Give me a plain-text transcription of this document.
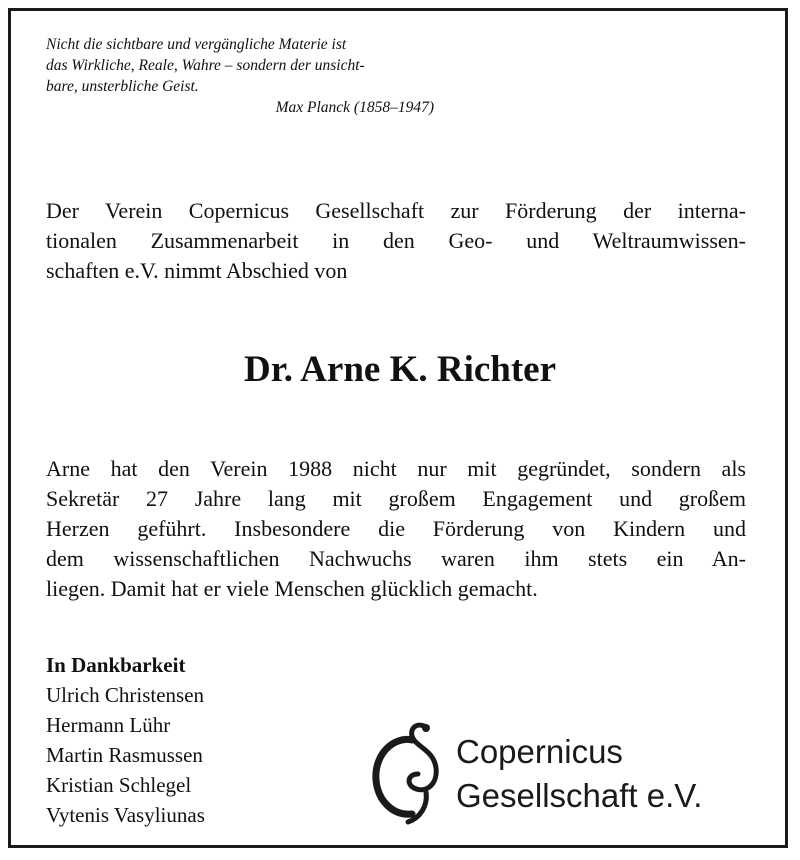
Nicht die sichtbare und vergängliche Materie ist
das Wirkliche, Reale, Wahre – sondern der unsicht-
bare, unsterbliche Geist.
Max Planck (1858–1947)
Der Verein Copernicus Gesellschaft zur Förderung der interna-
tionalen Zusammenarbeit in den Geo- und Weltraumwissen-
schaften e.V. nimmt Abschied von
Dr. Arne K. Richter
Arne hat den Verein 1988 nicht nur mit gegründet, sondern als
Sekretär 27 Jahre lang mit großem Engagement und großem
Herzen geführt. Insbesondere die Förderung von Kindern und
dem wissenschaftlichen Nachwuchs waren ihm stets ein An-
liegen. Damit hat er viele Menschen glücklich gemacht.
In Dankbarkeit
Ulrich Christensen
Hermann Lühr
Martin Rasmussen
Kristian Schlegel
Vytenis Vasyliunas
Copernicus
Gesellschaft e.V.
